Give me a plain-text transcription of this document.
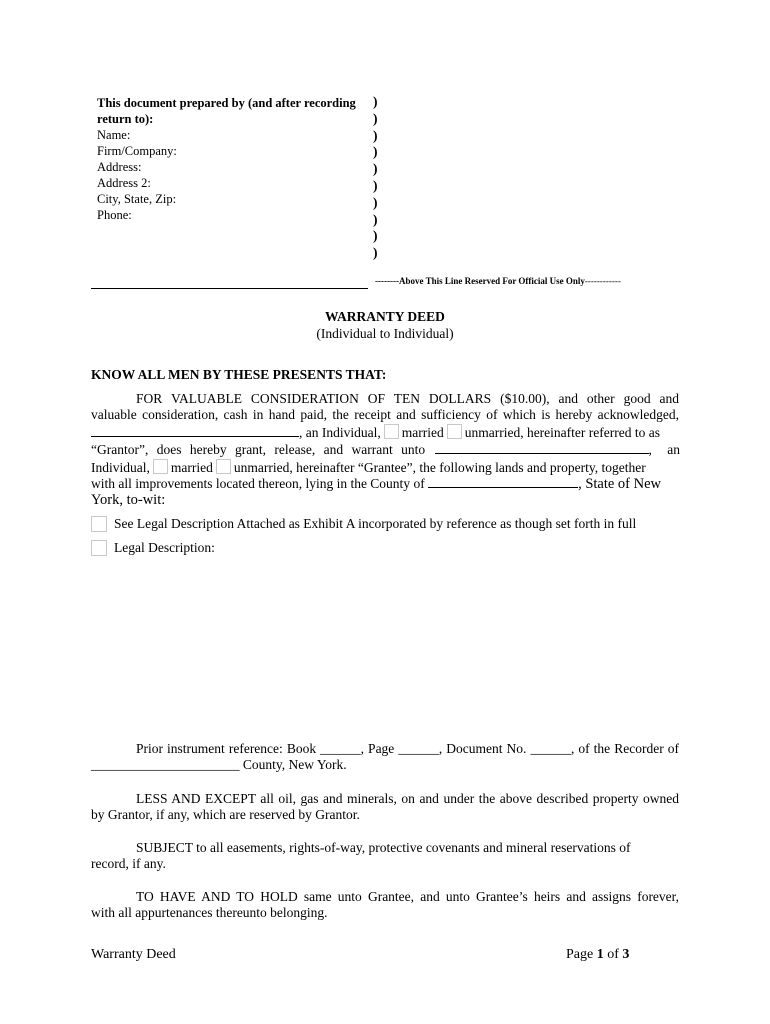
This document prepared by (and after recording return to):
Name:
Firm/Company:
Address:
Address 2:
City, State, Zip:
Phone:
)
)
)
)
)
)
)
)
)
)
--------Above This Line Reserved For Official Use Only------------
WARRANTY DEED
(Individual to Individual)
KNOW ALL MEN BY THESE PRESENTS THAT:
FOR VALUABLE CONSIDERATION OF TEN DOLLARS ($10.00), and other good and
valuable consideration, cash in hand paid, the receipt and sufficiency of which is hereby acknowledged,
, an Individual, married unmarried, hereinafter referred to as
“Grantor”, does hereby grant, release, and warrant unto	, an
Individual, married unmarried, hereinafter “Grantee”, the following lands and property, together
with all improvements located thereon, lying in the County of	, State of New
York, to-wit:
See Legal Description Attached as Exhibit A incorporated by reference as though set forth in full
Legal Description:
Prior instrument reference: Book ______, Page ______, Document No. ______, of the Recorder of
______________________ County, New York.
LESS AND EXCEPT all oil, gas and minerals, on and under the above described property owned
by Grantor, if any, which are reserved by Grantor.
SUBJECT to all easements, rights-of-way, protective covenants and mineral reservations of
record, if any.
TO HAVE AND TO HOLD same unto Grantee, and unto Grantee’s heirs and assigns forever,
with all appurtenances thereunto belonging.
Warranty Deed	Page 1 of 3
